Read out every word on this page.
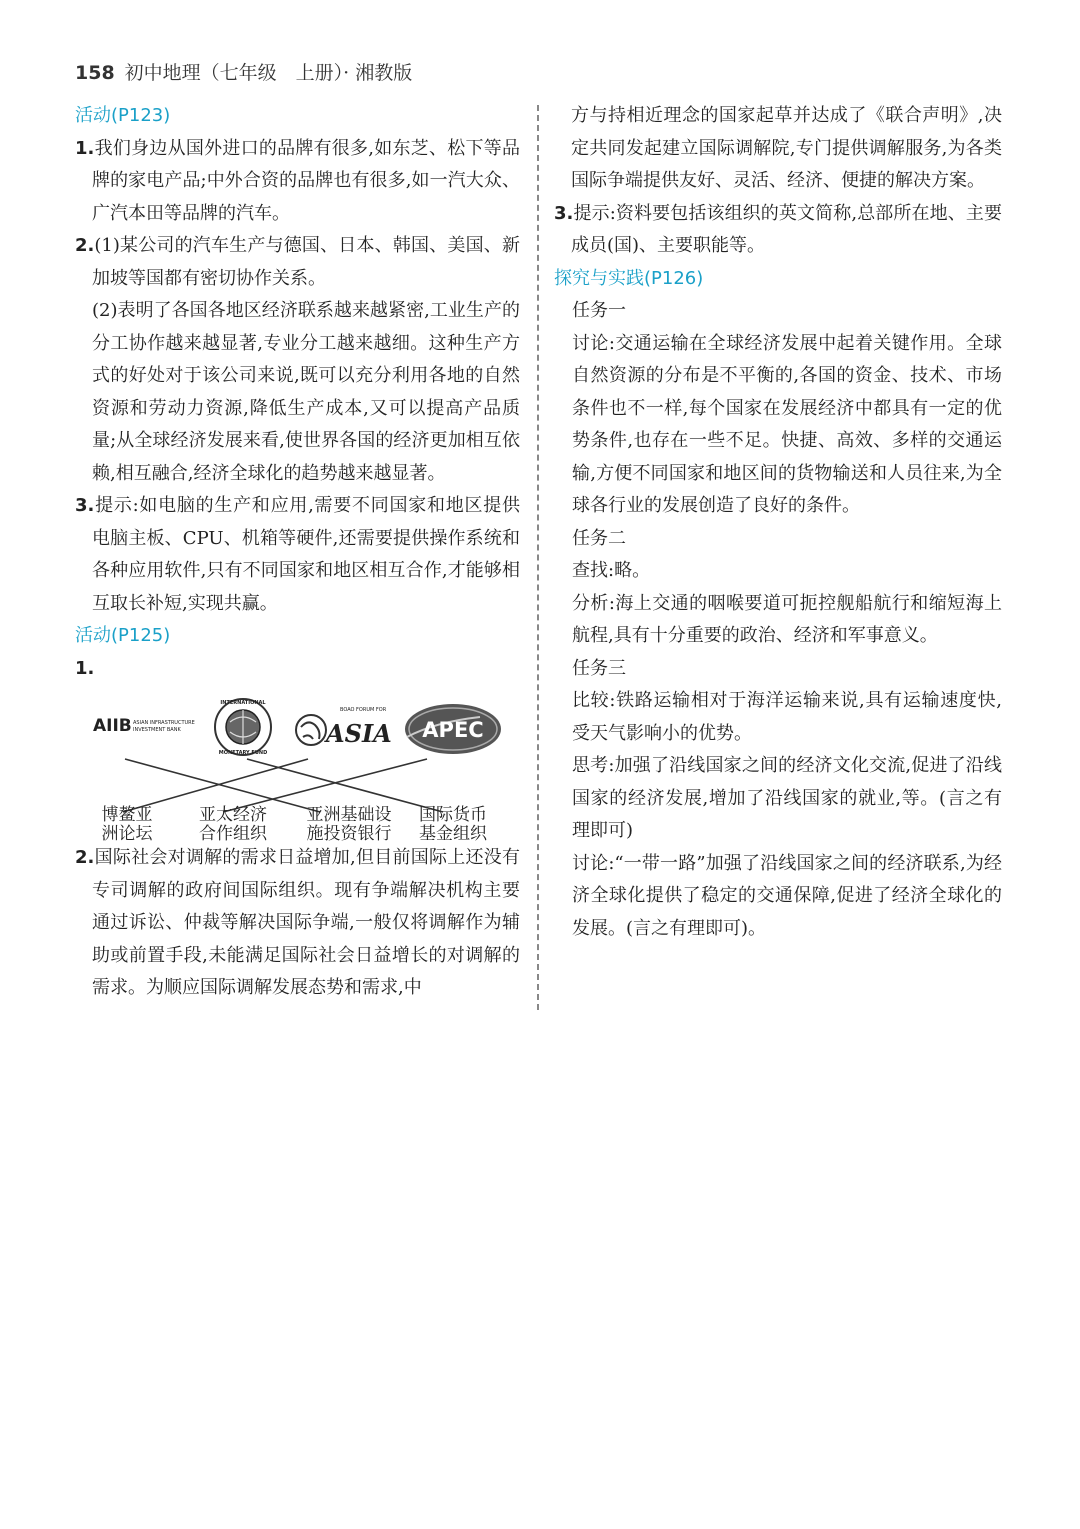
158 初中地理（七年级　上册）· 湘教版

活动(P123)

1.我们身边从国外进口的品牌有很多,如东芝、松下等品牌的家电产品;中外合资的品牌也有很多,如一汽大众、广汽本田等品牌的汽车。

2.(1)某公司的汽车生产与德国、日本、韩国、美国、新加坡等国都有密切协作关系。

(2)表明了各国各地区经济联系越来越紧密,工业生产的分工协作越来越显著,专业分工越来越细。这种生产方式的好处对于该公司来说,既可以充分利用各地的自然资源和劳动力资源,降低生产成本,又可以提高产品质量;从全球经济发展来看,使世界各国的经济更加相互依赖,相互融合,经济全球化的趋势越来越显著。

3.提示:如电脑的生产和应用,需要不同国家和地区提供电脑主板、CPU、机箱等硬件,还需要提供操作系统和各种应用软件,只有不同国家和地区相互合作,才能够相互取长补短,实现共赢。

活动(P125)

1.

AIIB ASIAN INFRASTRUCTURE
INVESTMENT BANK
INTERNATIONAL
MONETARY FUND
BOAO FORUM FOR
ASIA APEC
博鳌亚洲论坛
亚太经济合作组织
亚洲基础设施投资银行
国际货币基金组织

2.国际社会对调解的需求日益增加,但目前国际上还没有专司调解的政府间国际组织。现有争端解决机构主要通过诉讼、仲裁等解决国际争端,一般仅将调解作为辅助或前置手段,未能满足国际社会日益增长的对调解的需求。为顺应国际调解发展态势和需求,中

方与持相近理念的国家起草并达成了《联合声明》,决定共同发起建立国际调解院,专门提供调解服务,为各类国际争端提供友好、灵活、经济、便捷的解决方案。

3.提示:资料要包括该组织的英文简称,总部所在地、主要成员(国)、主要职能等。

探究与实践(P126)

任务一

讨论:交通运输在全球经济发展中起着关键作用。全球自然资源的分布是不平衡的,各国的资金、技术、市场条件也不一样,每个国家在发展经济中都具有一定的优势条件,也存在一些不足。快捷、高效、多样的交通运输,方便不同国家和地区间的货物输送和人员往来,为全球各行业的发展创造了良好的条件。

任务二

查找:略。

分析:海上交通的咽喉要道可扼控舰船航行和缩短海上航程,具有十分重要的政治、经济和军事意义。

任务三

比较:铁路运输相对于海洋运输来说,具有运输速度快,受天气影响小的优势。

思考:加强了沿线国家之间的经济文化交流,促进了沿线国家的经济发展,增加了沿线国家的就业,等。(言之有理即可)

讨论:“一带一路”加强了沿线国家之间的经济联系,为经济全球化提供了稳定的交通保障,促进了经济全球化的发展。(言之有理即可)。
